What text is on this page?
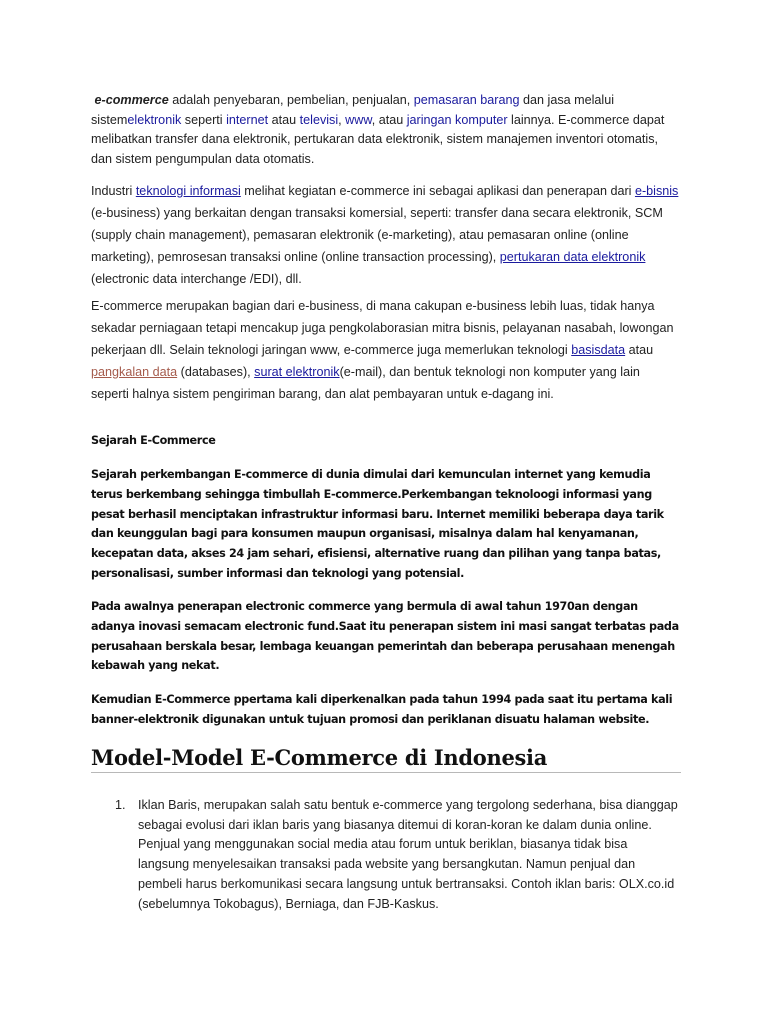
e-commerce adalah penyebaran, pembelian, penjualan, pemasaran barang dan jasa melalui sistemelektronik seperti internet atau televisi, www, atau jaringan komputer lainnya. E-commerce dapat melibatkan transfer dana elektronik, pertukaran data elektronik, sistem manajemen inventori otomatis, dan sistem pengumpulan data otomatis.

Industri teknologi informasi melihat kegiatan e-commerce ini sebagai aplikasi dan penerapan dari e-bisnis (e-business) yang berkaitan dengan transaksi komersial, seperti: transfer dana secara elektronik, SCM (supply chain management), pemasaran elektronik (e-marketing), atau pemasaran online (online marketing), pemrosesan transaksi online (online transaction processing), pertukaran data elektronik (electronic data interchange /EDI), dll.

E-commerce merupakan bagian dari e-business, di mana cakupan e-business lebih luas, tidak hanya sekadar perniagaan tetapi mencakup juga pengkolaborasian mitra bisnis, pelayanan nasabah, lowongan pekerjaan dll. Selain teknologi jaringan www, e-commerce juga memerlukan teknologi basisdata atau pangkalan data (databases), surat elektronik(e-mail), dan bentuk teknologi non komputer yang lain seperti halnya sistem pengiriman barang, dan alat pembayaran untuk e-dagang ini.

Sejarah E-Commerce

Sejarah perkembangan E-commerce di dunia dimulai dari kemunculan internet yang kemudia terus berkembang sehingga timbullah E-commerce.Perkembangan teknoloogi informasi yang pesat berhasil menciptakan infrastruktur informasi baru. Internet memiliki beberapa daya tarik dan keunggulan bagi para konsumen maupun organisasi, misalnya dalam hal kenyamanan, kecepatan data, akses 24 jam sehari, efisiensi, alternative ruang dan pilihan yang tanpa batas, personalisasi, sumber informasi dan teknologi yang potensial.

Pada awalnya penerapan electronic commerce yang bermula di awal tahun 1970an dengan adanya inovasi semacam electronic fund.Saat itu penerapan sistem ini masi sangat terbatas pada perusahaan berskala besar, lembaga keuangan pemerintah dan beberapa perusahaan menengah kebawah yang nekat.

Kemudian E-Commerce ppertama kali diperkenalkan pada tahun 1994 pada saat itu pertama kali banner-elektronik digunakan untuk tujuan promosi dan periklanan disuatu halaman website.

Model-Model E-Commerce di Indonesia
1. Iklan Baris, merupakan salah satu bentuk e-commerce yang tergolong sederhana, bisa dianggap sebagai evolusi dari iklan baris yang biasanya ditemui di koran-koran ke dalam dunia online. Penjual yang menggunakan social media atau forum untuk beriklan, biasanya tidak bisa langsung menyelesaikan transaksi pada website yang bersangkutan. Namun penjual dan pembeli harus berkomunikasi secara langsung untuk bertransaksi. Contoh iklan baris: OLX.co.id (sebelumnya Tokobagus), Berniaga, dan FJB-Kaskus.
